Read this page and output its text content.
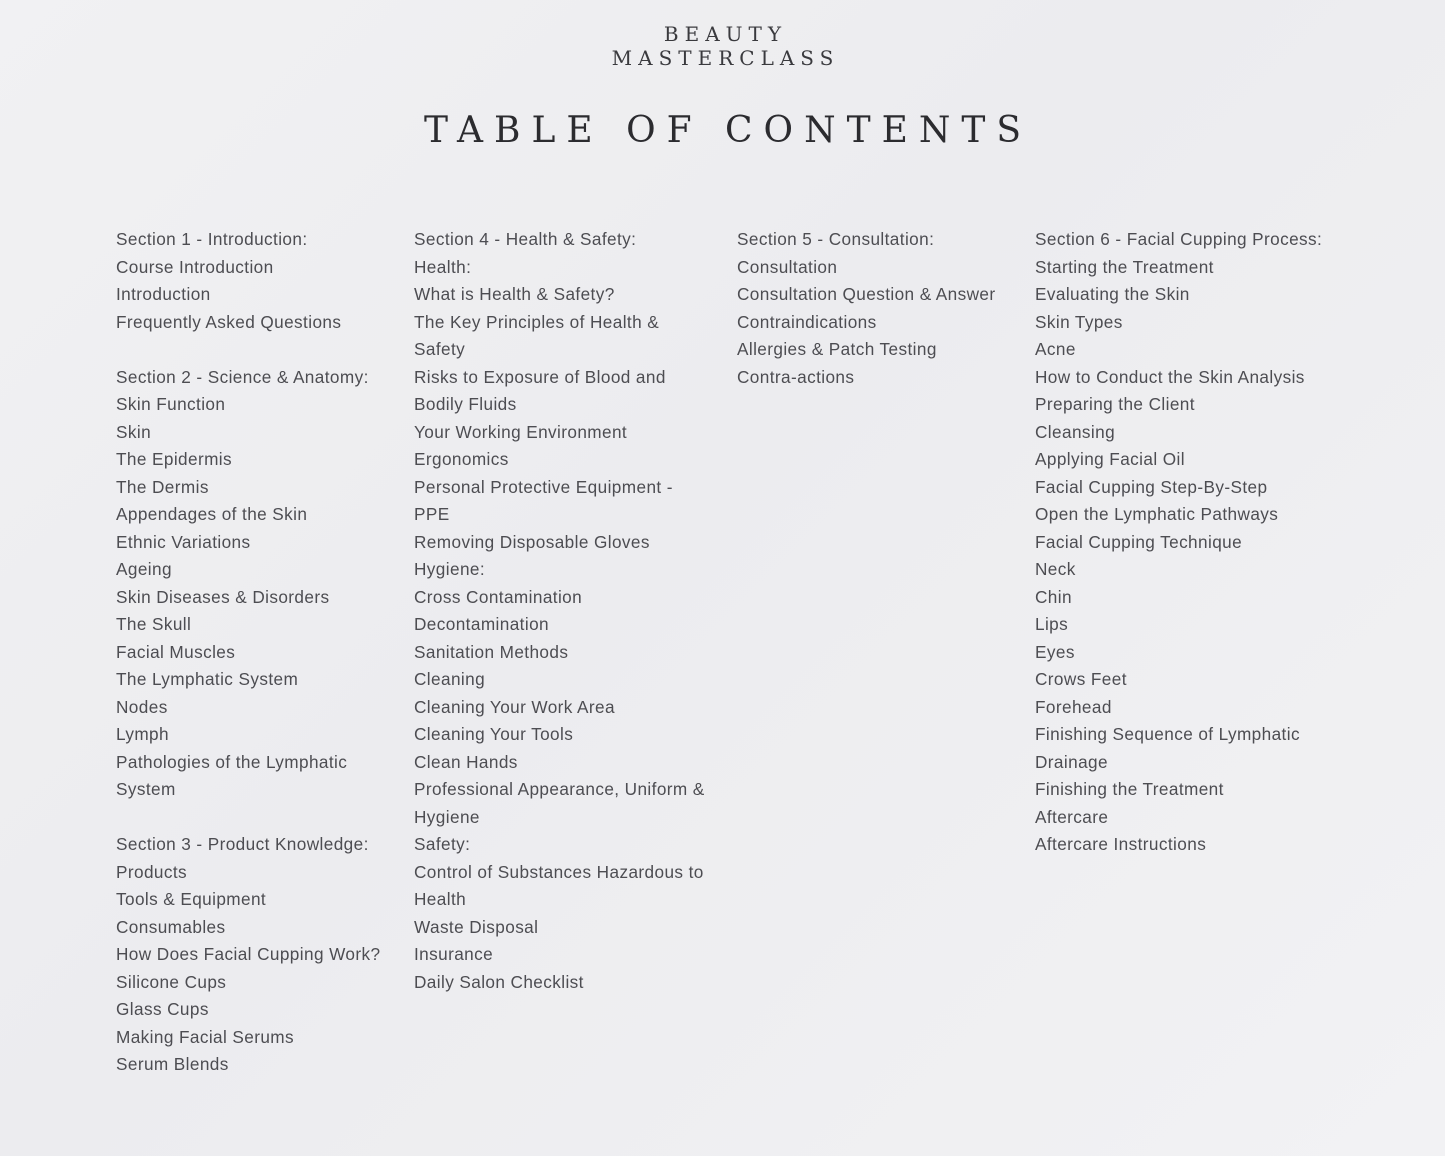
BEAUTY
MASTERCLASS
TABLE OF CONTENTS
Section 1 - Introduction:
Course Introduction
Introduction
Frequently Asked Questions
Section 2 - Science & Anatomy:
Skin Function
Skin
The Epidermis
The Dermis
Appendages of the Skin
Ethnic Variations
Ageing
Skin Diseases & Disorders
The Skull
Facial Muscles
The Lymphatic System
Nodes
Lymph
Pathologies of the Lymphatic
System
Section 3 - Product Knowledge:
Products
Tools & Equipment
Consumables
How Does Facial Cupping Work?
Silicone Cups
Glass Cups
Making Facial Serums
Serum Blends
Section 4 - Health & Safety:
Health:
What is Health & Safety?
The Key Principles of Health &
Safety
Risks to Exposure of Blood and
Bodily Fluids
Your Working Environment
Ergonomics
Personal Protective Equipment -
PPE
Removing Disposable Gloves
Hygiene:
Cross Contamination
Decontamination
Sanitation Methods
Cleaning
Cleaning Your Work Area
Cleaning Your Tools
Clean Hands
Professional Appearance, Uniform &
Hygiene
Safety:
Control of Substances Hazardous to
Health
Waste Disposal
Insurance
Daily Salon Checklist
Section 5 - Consultation:
Consultation
Consultation Question & Answer
Contraindications
Allergies & Patch Testing
Contra-actions
Section 6 - Facial Cupping Process:
Starting the Treatment
Evaluating the Skin
Skin Types
Acne
How to Conduct the Skin Analysis
Preparing the Client
Cleansing
Applying Facial Oil
Facial Cupping Step-By-Step
Open the Lymphatic Pathways
Facial Cupping Technique
Neck
Chin
Lips
Eyes
Crows Feet
Forehead
Finishing Sequence of Lymphatic
Drainage
Finishing the Treatment
Aftercare
Aftercare Instructions
